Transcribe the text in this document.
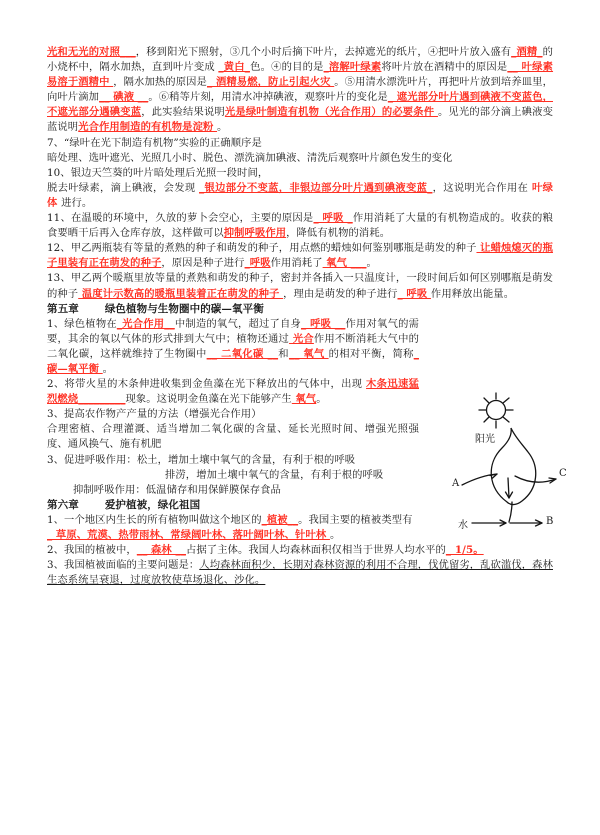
光和无光的对照___，移到阳光下照射，③几个小时后摘下叶片，去掉遮光的纸片，④把叶片放入盛有_酒精_的小烧杯中，隔水加热，直到叶片变成 _黄白_色。④的目的是_溶解叶绿素将叶片放在酒精中的原因是__ 叶绿素易溶于酒精中 ，隔水加热的原因是_ 酒精易燃，防止引起火灾 。⑤用清水漂洗叶片，再把叶片放到培养皿里，向叶片滴加__ 碘液 __。⑥稍等片刻，用清水冲掉碘液，观察叶片的变化是_ 遮光部分叶片遇到碘液不变蓝色，不遮光部分遇碘变蓝，此实验结果说明光是绿叶制造有机物（光合作用）的必要条件 。见光的部分滴上碘液变蓝说明光合作用制造的有机物是淀粉 。

7、“绿叶在光下制造有机物”实验的正确顺序是

暗处理、选叶遮光、光照几小时、脱色、漂洗滴加碘液、清洗后观察叶片颜色发生的变化

10、银边天竺葵的叶片暗处理后光照一段时间，

脱去叶绿素，滴上碘液，会发现 _银边部分不变蓝，非银边部分叶片遇到碘液变蓝_，这说明光合作用在 叶绿体 进行。

11、在温暖的环境中，久放的萝卜会空心，主要的原因是_ 呼吸 _作用消耗了大量的有机物造成的。收获的粮食要晒干后再入仓库存放，这样做可以抑制呼吸作用，降低有机物的消耗。

12、甲乙两瓶装有等量的煮熟的种子和萌发的种子，用点燃的蜡烛如何鉴别哪瓶是萌发的种子 让蜡烛熄灭的瓶子里装有正在萌发的种子，原因是种子进行_呼吸作用消耗了 氧气 ___。

13、甲乙两个暖瓶里放等量的煮熟和萌发的种子，密封并各插入一只温度计，一段时间后如何区别哪瓶是萌发的种子 温度计示数高的暖瓶里装着正在萌发的种子 ，理由是萌发的种子进行_ 呼吸 作用释放出能量。

第五章 绿色植物与生物圈中的碳—氧平衡

1、绿色植物在_光合作用__中制造的氧气，超过了自身_ 呼吸 __作用对氧气的需要，其余的氧以气体的形式排到大气中；植物还通过 光合作用不断消耗大气中的二氧化碳，这样就维持了生物圈中__ 二氧化碳 __和__ 氧气 的相对平衡，简称_碳—氧平衡 。

2、将带火星的木条伸进收集到金鱼藻在光下释放出的气体中，出现 木条迅速猛烈燃烧_________现象。这说明金鱼藻在光下能够产生 氧气。

3、提高农作物产产量的方法（增强光合作用）

合理密植、合理灌溉、适当增加二氧化碳的含量、延长光照时间、增强光照强度、通风换气、施有机肥

3、促进呼吸作用：松土，增加土壤中氧气的含量，有利于根的呼吸

排涝，增加土壤中氧气的含量，有利于根的呼吸

抑制呼吸作用：低温储存和用保鲜膜保存食品

第六章 爱护植被，绿化祖国

1、一个地区内生长的所有植物叫做这个地区的_植被__。我国主要的植被类型有

_ 草原、荒漠、热带雨林、常绿阔叶林、落叶阔叶林、针叶林 。

2、我国的植被中，__ 森林 __占据了主体。我国人均森林面积仅相当于世界人均水平的_ 1/5。

3、我国植被面临的主要问题是：人均森林面积少，长期对森林资源的利用不合理，伐优留劣，乱砍滥伐，森林生态系统呈衰退，过度放牧使草场退化、沙化。

阳光
A
B
C
水
